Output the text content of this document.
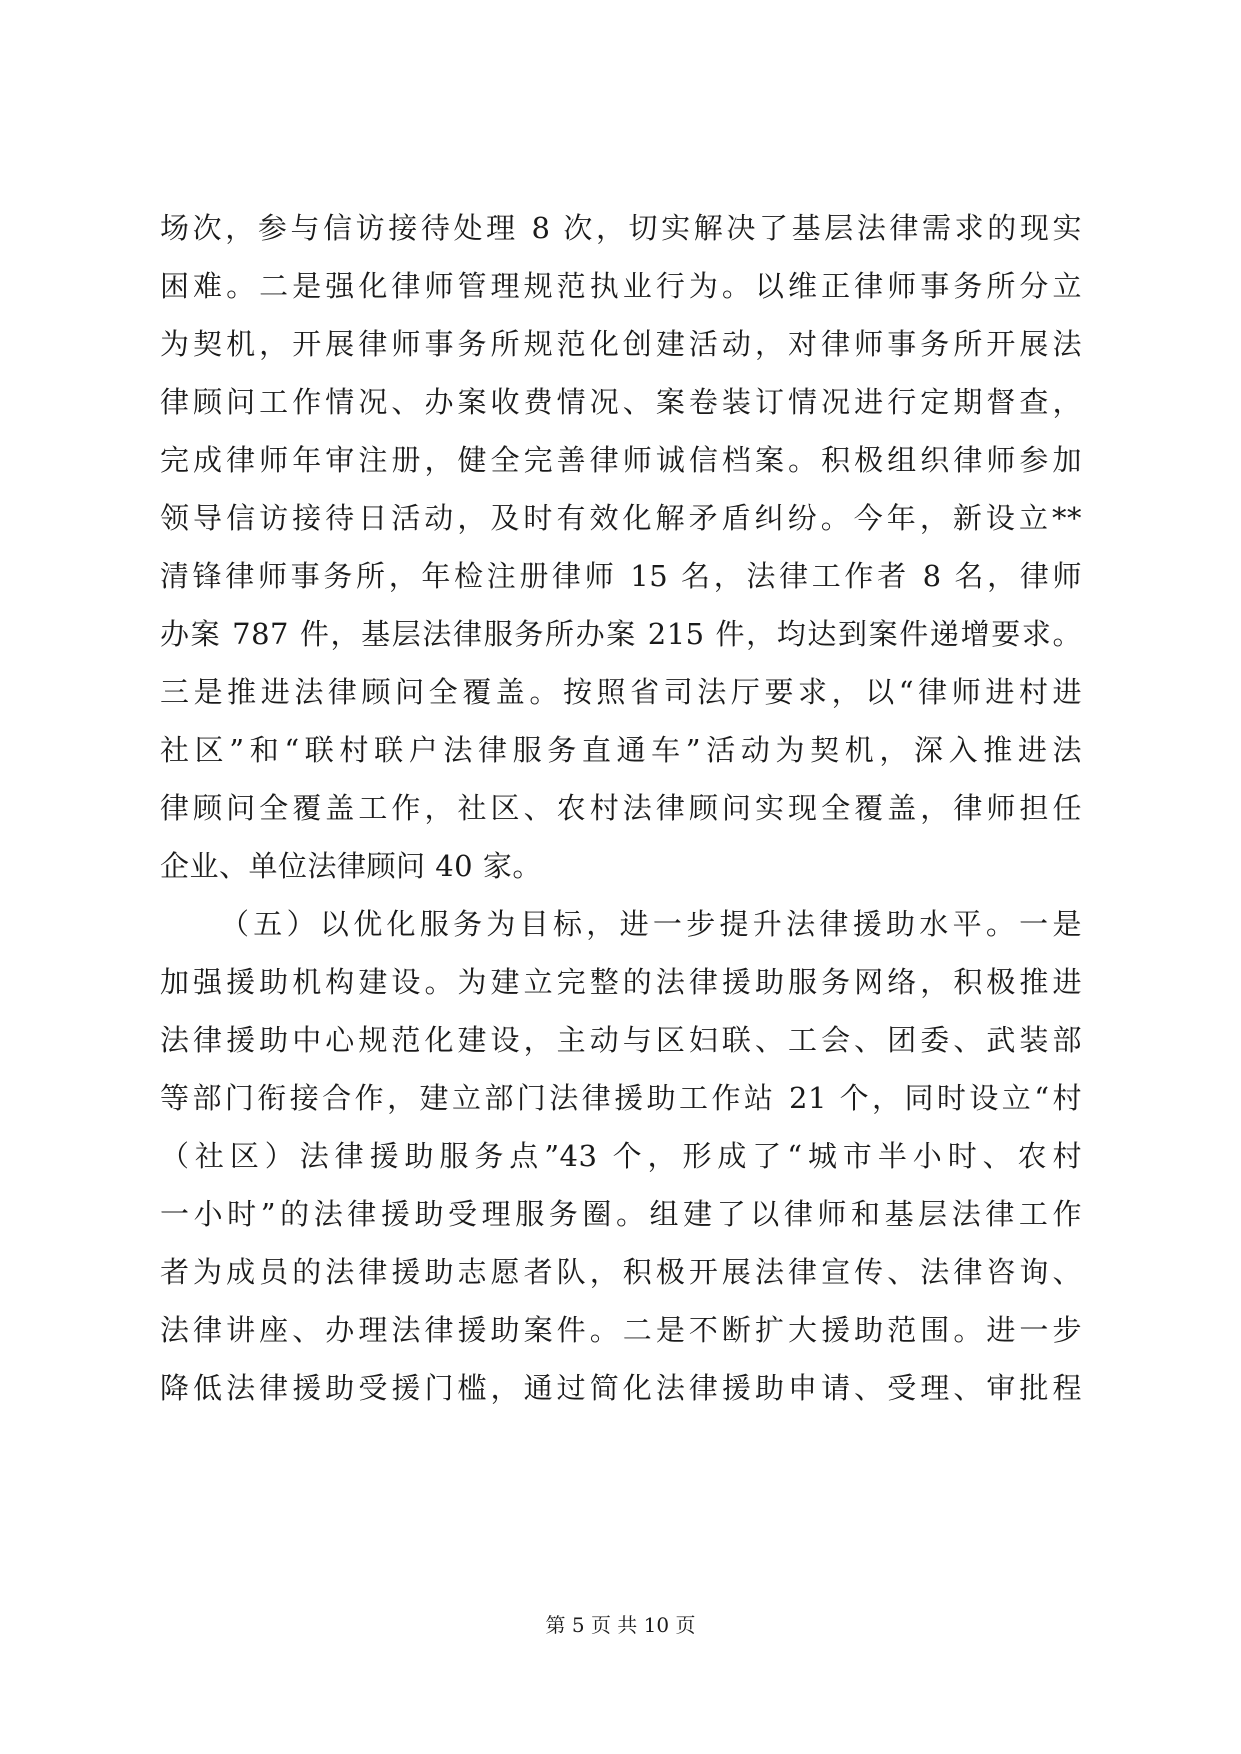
场次，参与信访接待处理 8 次，切实解决了基层法律需求的现实
困难。二是强化律师管理规范执业行为。以维正律师事务所分立
为契机，开展律师事务所规范化创建活动，对律师事务所开展法
律顾问工作情况、办案收费情况、案卷装订情况进行定期督查，
完成律师年审注册，健全完善律师诚信档案。积极组织律师参加
领导信访接待日活动，及时有效化解矛盾纠纷。今年，新设立**
清锋律师事务所，年检注册律师 15 名，法律工作者 8 名，律师
办案 787 件，基层法律服务所办案 215 件，均达到案件递增要求。
三是推进法律顾问全覆盖。按照省司法厅要求，以“律师进村进
社区”和“联村联户法律服务直通车”活动为契机，深入推进法
律顾问全覆盖工作，社区、农村法律顾问实现全覆盖，律师担任
企业、单位法律顾问 40 家。
（五）以优化服务为目标，进一步提升法律援助水平。一是
加强援助机构建设。为建立完整的法律援助服务网络，积极推进
法律援助中心规范化建设，主动与区妇联、工会、团委、武装部
等部门衔接合作，建立部门法律援助工作站 21 个，同时设立“村
（社区）法律援助服务点”43 个，形成了“城市半小时、农村
一小时”的法律援助受理服务圈。组建了以律师和基层法律工作
者为成员的法律援助志愿者队，积极开展法律宣传、法律咨询、
法律讲座、办理法律援助案件。二是不断扩大援助范围。进一步
降低法律援助受援门槛，通过简化法律援助申请、受理、审批程
第 5 页 共 10 页
